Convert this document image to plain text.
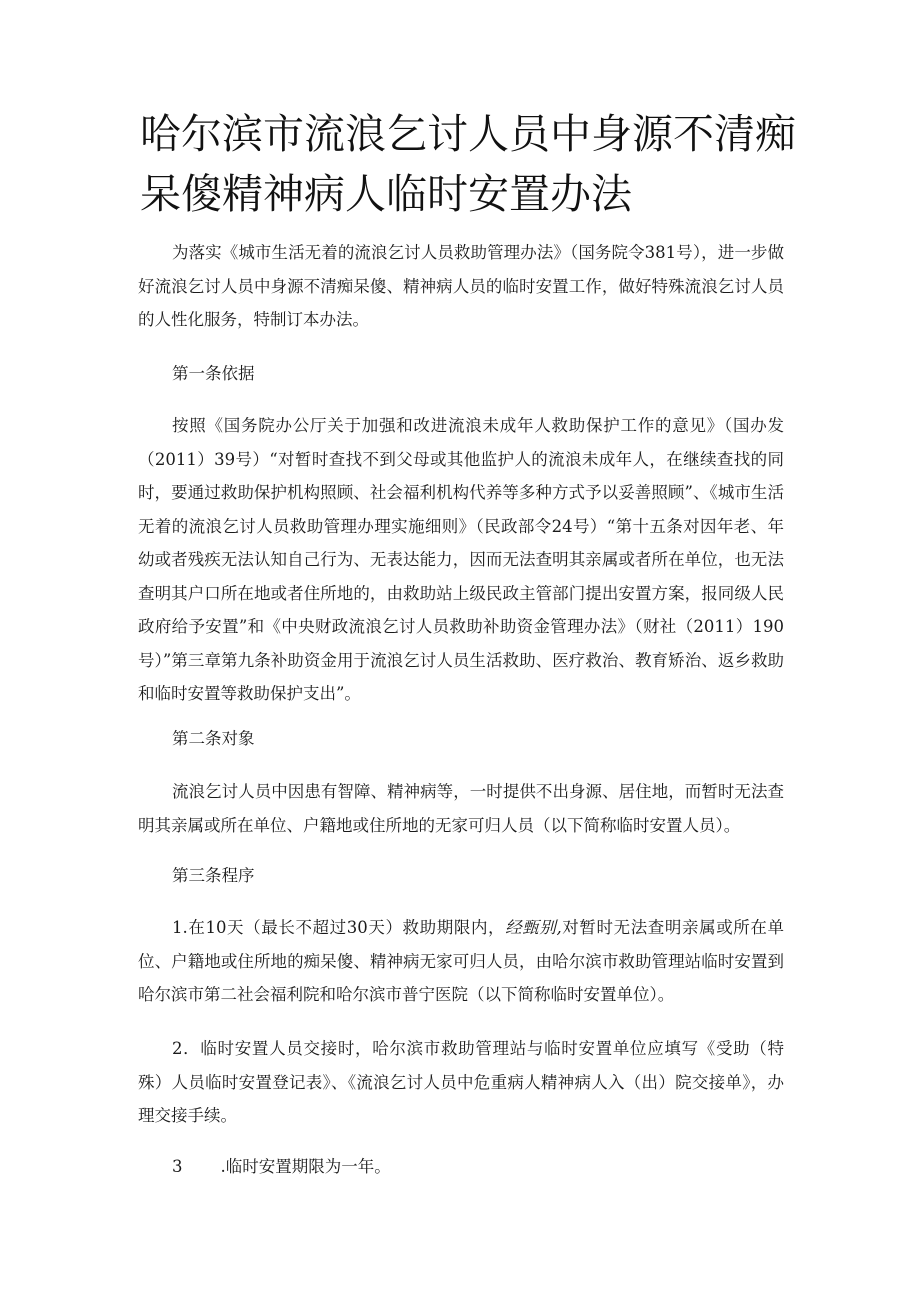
哈尔滨市流浪乞讨人员中身源不清痴呆傻精神病人临时安置办法

为落实《城市生活无着的流浪乞讨人员救助管理办法》（国务院令381号），进一步做好流浪乞讨人员中身源不清痴呆傻、精神病人员的临时安置工作，做好特殊流浪乞讨人员的人性化服务，特制订本办法。

第一条依据

按照《国务院办公厅关于加强和改进流浪未成年人救助保护工作的意见》（国办发（2011）39号）“对暂时查找不到父母或其他监护人的流浪未成年人，在继续查找的同时，要通过救助保护机构照顾、社会福利机构代养等多种方式予以妥善照顾”、《城市生活无着的流浪乞讨人员救助管理办理实施细则》（民政部令24号）“第十五条对因年老、年幼或者残疾无法认知自己行为、无表达能力，因而无法查明其亲属或者所在单位，也无法查明其户口所在地或者住所地的，由救助站上级民政主管部门提出安置方案，报同级人民政府给予安置”和《中央财政流浪乞讨人员救助补助资金管理办法》（财社（2011）190号）”第三章第九条补助资金用于流浪乞讨人员生活救助、医疗救治、教育矫治、返乡救助和临时安置等救助保护支出”。

第二条对象

流浪乞讨人员中因患有智障、精神病等，一时提供不出身源、居住地，而暂时无法查明其亲属或所在单位、户籍地或住所地的无家可归人员（以下简称临时安置人员）。

第三条程序

1.在10天（最长不超过30天）救助期限内，经甄别,对暂时无法查明亲属或所在单位、户籍地或住所地的痴呆傻、精神病无家可归人员，由哈尔滨市救助管理站临时安置到哈尔滨市第二社会福利院和哈尔滨市普宁医院（以下简称临时安置单位）。

2．临时安置人员交接时，哈尔滨市救助管理站与临时安置单位应填写《受助（特殊）人员临时安置登记表》、《流浪乞讨人员中危重病人精神病人入（出）院交接单》，办理交接手续。

3 .临时安置期限为一年。
